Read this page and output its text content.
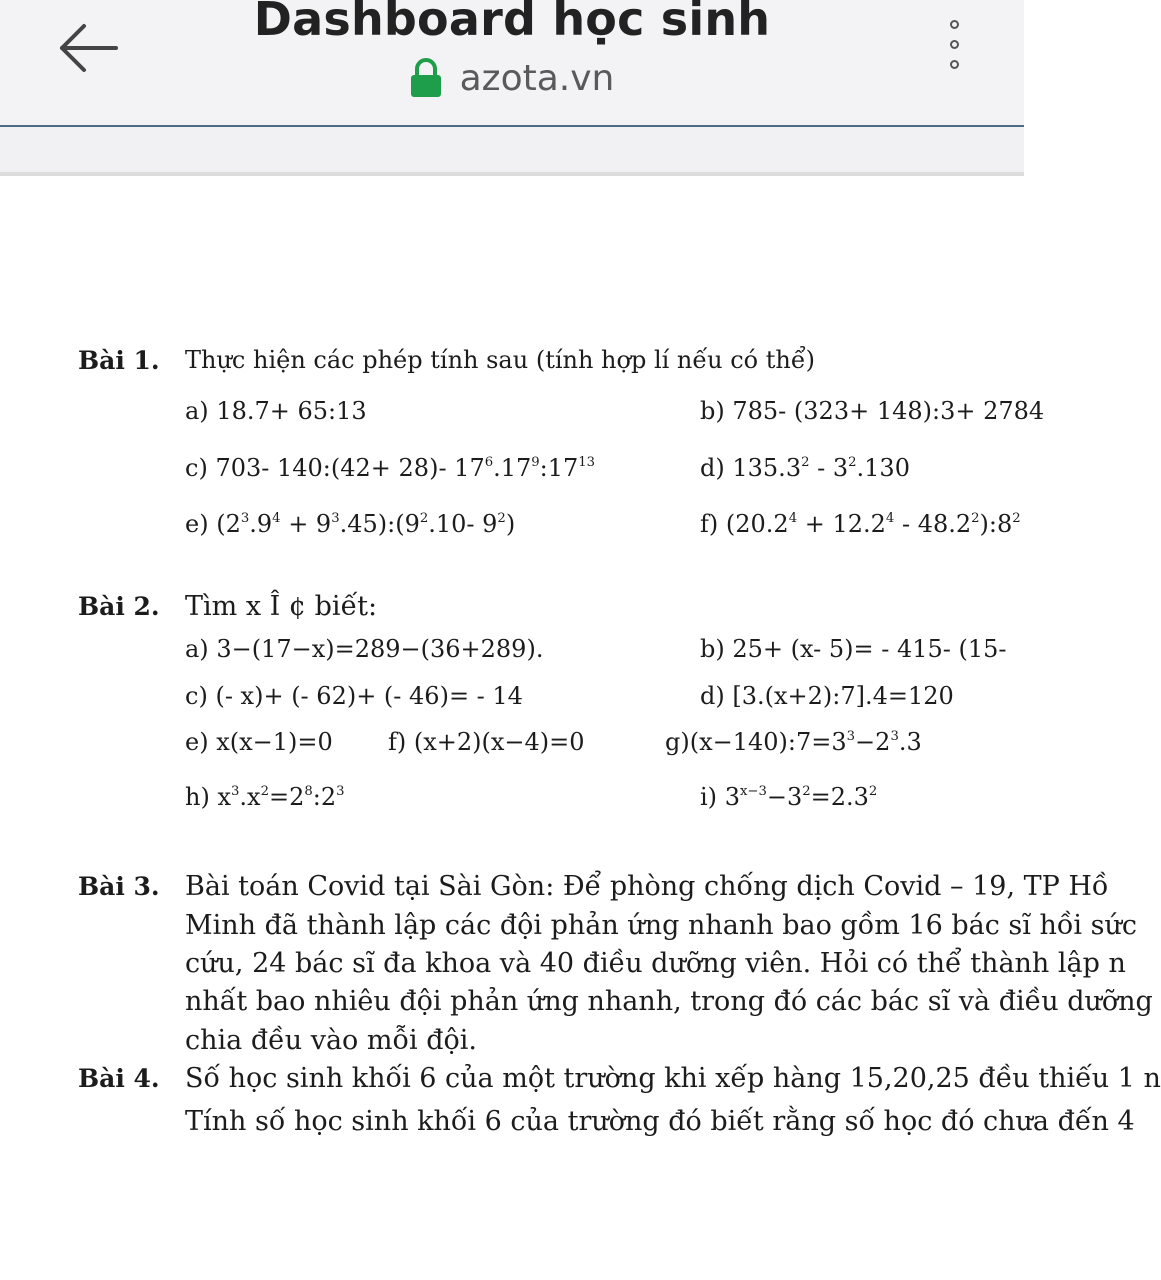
Dashboard học sinh
azota.vn
Bài 1. Thực hiện các phép tính sau (tính hợp lí nếu có thể)
a) 18.7+ 65:13	b) 785- (323+ 148):3+ 2784
c) 703- 140:(42+ 28)- $17^6.17^9:17^{13}$	d) $135.3^2 - 3^2.130$
e) ($2^3.9^4$ + $9^3.45):(9^2.10-$ $9^2$)	f) ($20.2^4 + 12.2^4$ - $48.2^2):8^2$
Bài 2. Tìm x Î ¢ biết:
a) 3−(17−x)=289−(36+289).	b) 25+ (x- 5)= - 415- (15-
c) (- x)+ (- 62)+ (- 46)= - 14	d) [3.(x+2):7].4=120
e) x(x−1)=0 f) (x+2)(x−4)=0	$g)(x-140):7=3^3-2^3.3$
h) $x^3.x^2=2^8:2^3$	i) $3^{x-3}-3^2=2.3^2$
Bài 3. Bài toán Covid tại Sài Gòn: Để phòng chống dịch Covid – 19, TP Hồ
Minh đã thành lập các đội phản ứng nhanh bao gồm 16 bác sĩ hồi sức
cứu, 24 bác sĩ đa khoa và 40 điều dưỡng viên. Hỏi có thể thành lập n
nhất bao nhiêu đội phản ứng nhanh, trong đó các bác sĩ và điều dưỡng
chia đều vào mỗi đội.
Bài 4. Số học sinh khối 6 của một trường khi xếp hàng 15,20,25 đều thiếu 1 n
Tính số học sinh khối 6 của trường đó biết rằng số học đó chưa đến 4
